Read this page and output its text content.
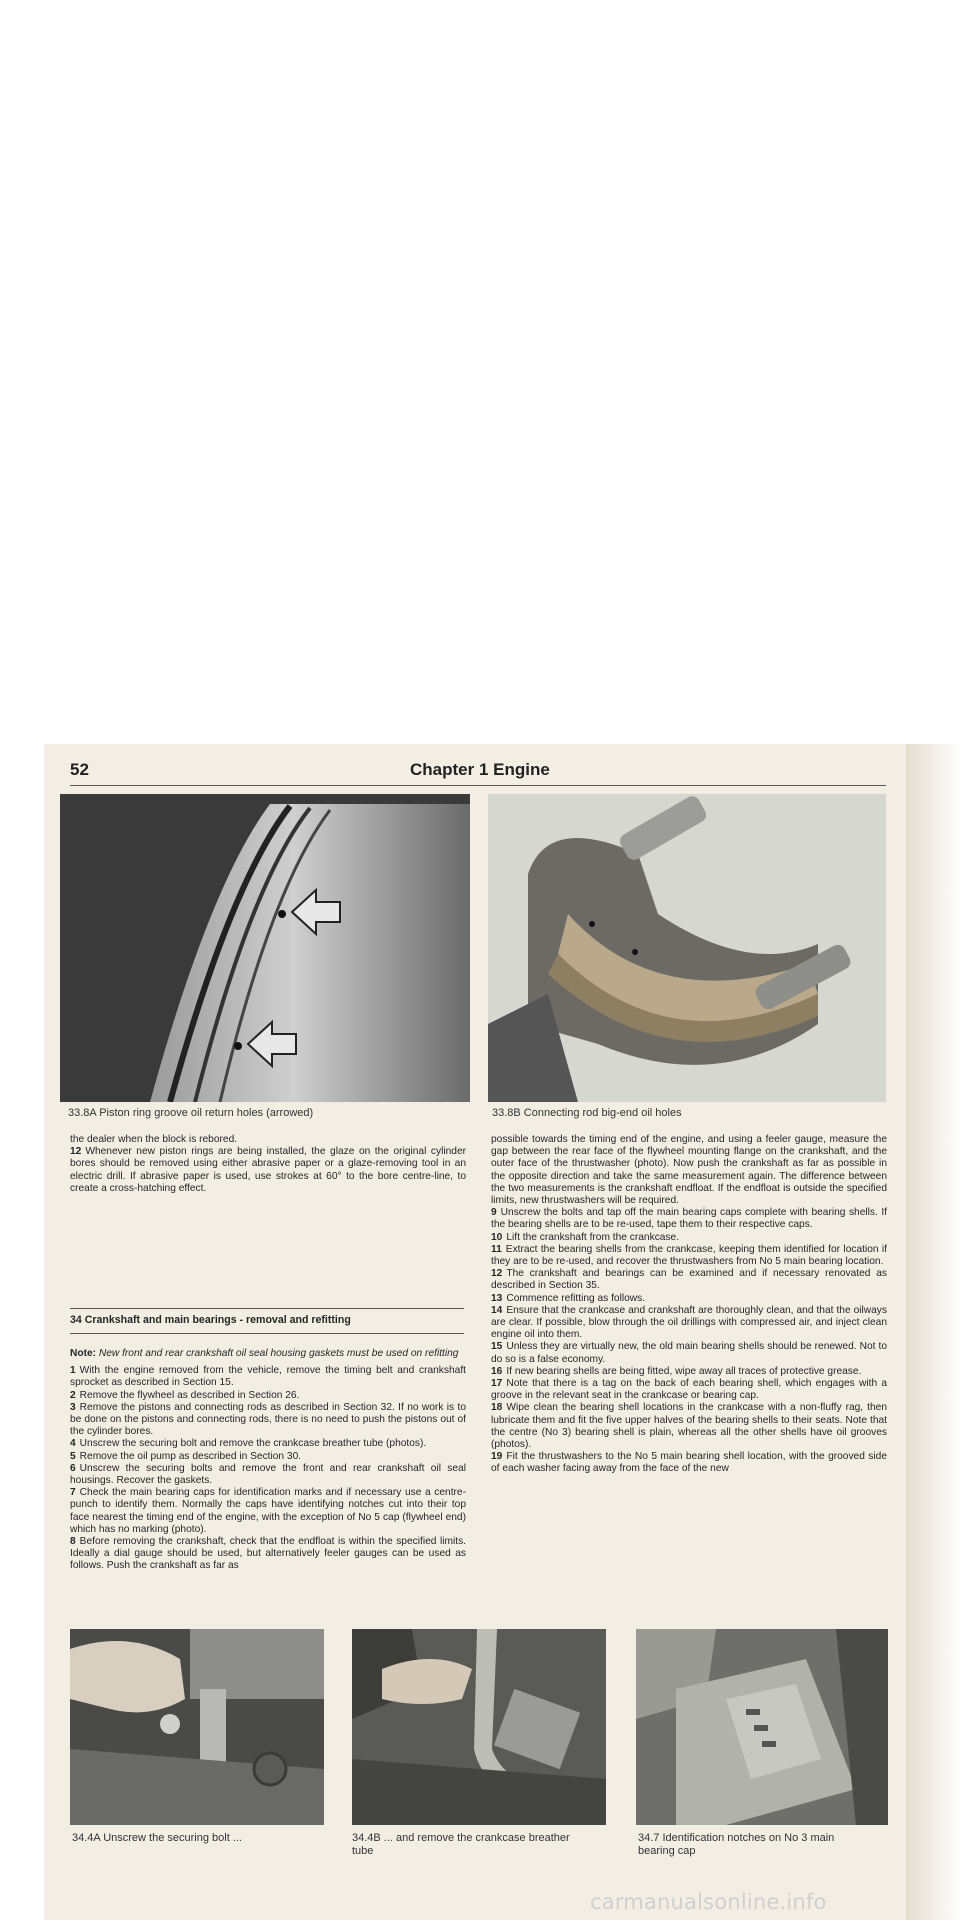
52	Chapter 1 Engine
33.8A Piston ring groove oil return holes (arrowed)	33.8B Connecting rod big-end oil holes

the dealer when the block is rebored.

12 Whenever new piston rings are being installed, the glaze on the original cylinder bores should be removed using either abrasive paper or a glaze-removing tool in an electric drill. If abrasive paper is used, use strokes at 60° to the bore centre-line, to create a cross-hatching effect.

34 Crankshaft and main bearings - removal and refitting

Note: New front and rear crankshaft oil seal housing gaskets must be used on refitting

1 With the engine removed from the vehicle, remove the timing belt and crankshaft sprocket as described in Section 15.

2 Remove the flywheel as described in Section 26.

3 Remove the pistons and connecting rods as described in Section 32. If no work is to be done on the pistons and connecting rods, there is no need to push the pistons out of the cylinder bores.

4 Unscrew the securing bolt and remove the crankcase breather tube (photos).

5 Remove the oil pump as described in Section 30.

6 Unscrew the securing bolts and remove the front and rear crankshaft oil seal housings. Recover the gaskets.

7 Check the main bearing caps for identification marks and if necessary use a centre-punch to identify them. Normally the caps have identifying notches cut into their top face nearest the timing end of the engine, with the exception of No 5 cap (flywheel end) which has no marking (photo).

8 Before removing the crankshaft, check that the endfloat is within the specified limits. Ideally a dial gauge should be used, but alternatively feeler gauges can be used as follows. Push the crankshaft as far as

possible towards the timing end of the engine, and using a feeler gauge, measure the gap between the rear face of the flywheel mounting flange on the crankshaft, and the outer face of the thrustwasher (photo). Now push the crankshaft as far as possible in the opposite direction and take the same measurement again. The difference between the two measurements is the crankshaft endfloat. If the endfloat is outside the specified limits, new thrustwashers will be required.

9 Unscrew the bolts and tap off the main bearing caps complete with bearing shells. If the bearing shells are to be re-used, tape them to their respective caps.

10 Lift the crankshaft from the crankcase.

11 Extract the bearing shells from the crankcase, keeping them identified for location if they are to be re-used, and recover the thrustwashers from No 5 main bearing location.

12 The crankshaft and bearings can be examined and if necessary renovated as described in Section 35.

13 Commence refitting as follows.

14 Ensure that the crankcase and crankshaft are thoroughly clean, and that the oilways are clear. If possible, blow through the oil drillings with compressed air, and inject clean engine oil into them.

15 Unless they are virtually new, the old main bearing shells should be renewed. Not to do so is a false economy.

16 If new bearing shells are being fitted, wipe away all traces of protective grease.

17 Note that there is a tag on the back of each bearing shell, which engages with a groove in the relevant seat in the crankcase or bearing cap.

18 Wipe clean the bearing shell locations in the crankcase with a non-fluffy rag, then lubricate them and fit the five upper halves of the bearing shells to their seats. Note that the centre (No 3) bearing shell is plain, whereas all the other shells have oil grooves (photos).

19 Fit the thrustwashers to the No 5 main bearing shell location, with the grooved side of each washer facing away from the face of the new

34.4A Unscrew the securing bolt ...	34.4B ... and remove the crankcase breather
tube
34.7 Identification notches on No 3 main
bearing cap
carmanualsonline.info
